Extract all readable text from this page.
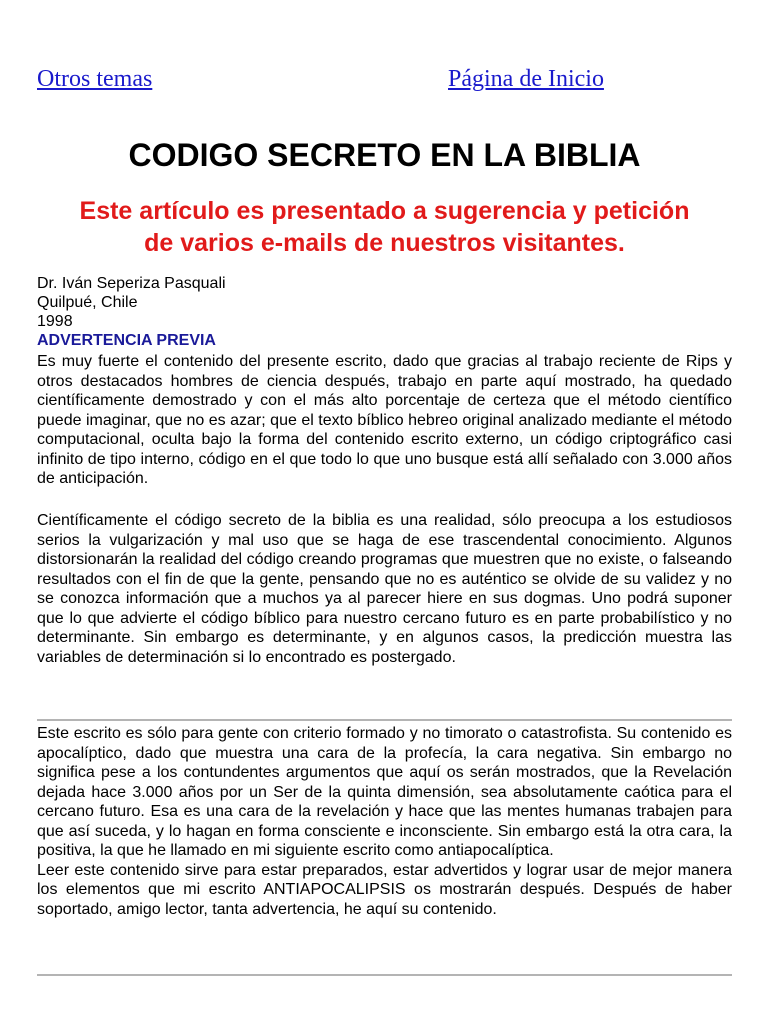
Otros temas	Página de Inicio
CODIGO SECRETO EN LA BIBLIA
Este artículo es presentado a sugerencia y petición
de varios e-mails de nuestros visitantes.
Dr. Iván Seperiza Pasquali
Quilpué, Chile
1998
ADVERTENCIA PREVIA

Es muy fuerte el contenido del presente escrito, dado que gracias al trabajo reciente de Rips y otros destacados hombres de ciencia después, trabajo en parte aquí mostrado, ha quedado científicamente demostrado y con el más alto porcentaje de certeza que el método científico puede imaginar, que no es azar; que el texto bíblico hebreo original analizado mediante el método computacional, oculta bajo la forma del contenido escrito externo, un código criptográfico casi infinito de tipo interno, código en el que todo lo que uno busque está allí señalado con 3.000 años de anticipación.

Científicamente el código secreto de la biblia es una realidad, sólo preocupa a los estudiosos serios la vulgarización y mal uso que se haga de ese trascendental conocimiento. Algunos distorsionarán la realidad del código creando programas que muestren que no existe, o falseando resultados con el fin de que la gente, pensando que no es auténtico se olvide de su validez y no se conozca información que a muchos ya al parecer hiere en sus dogmas. Uno podrá suponer que lo que advierte el código bíblico para nuestro cercano futuro es en parte probabilístico y no determinante. Sin embargo es determinante, y en algunos casos, la predicción muestra las variables de determinación si lo encontrado es postergado.

Este escrito es sólo para gente con criterio formado y no timorato o catastrofista. Su contenido es apocalíptico, dado que muestra una cara de la profecía, la cara negativa. Sin embargo no significa pese a los contundentes argumentos que aquí os serán mostrados, que la Revelación dejada hace 3.000 años por un Ser de la quinta dimensión, sea absolutamente caótica para el cercano futuro. Esa es una cara de la revelación y hace que las mentes humanas trabajen para que así suceda, y lo hagan en forma consciente e inconsciente. Sin embargo está la otra cara, la positiva, la que he llamado en mi siguiente escrito como antiapocalíptica.
Leer este contenido sirve para estar preparados, estar advertidos y lograr usar de mejor manera los elementos que mi escrito ANTIAPOCALIPSIS os mostrarán después. Después de haber soportado, amigo lector, tanta advertencia, he aquí su contenido.
